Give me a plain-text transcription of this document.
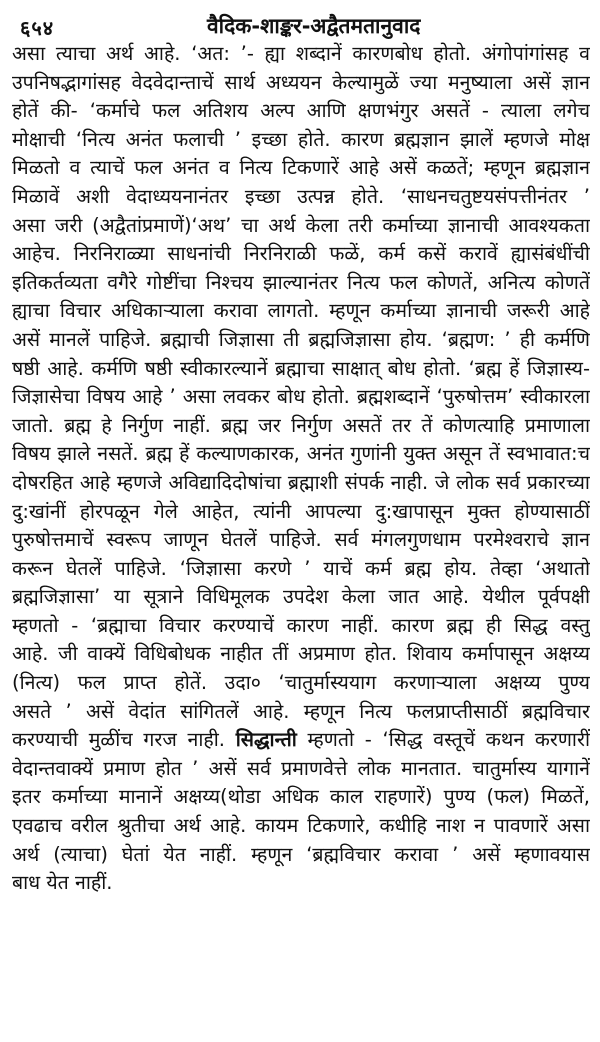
६५४	वैदिक-शाङ्कर-अद्वैतमतानुवाद
असा त्याचा अर्थ आहे. ‘अत: ’- ह्या शब्दानें कारणबोध होतो. अंगोपांगांसह व
उपनिषद्भागांसह वेदवेदान्ताचें सार्थ अध्ययन केल्यामुळें ज्या मनुष्याला असें ज्ञान
होतें की- ‘कर्माचे फल अतिशय अल्प आणि क्षणभंगुर असतें - त्याला लगेच
मोक्षाची ‘नित्य अनंत फलाची ’ इच्छा होते. कारण ब्रह्मज्ञान झालें म्हणजे मोक्ष
मिळतो व त्याचें फल अनंत व नित्य टिकणारें आहे असें कळतें; म्हणून ब्रह्मज्ञान
मिळावें अशी वेदाध्ययनानंतर इच्छा उत्पन्न होते. ‘साधनचतुष्टयसंपत्तीनंतर ’
असा जरी (अद्वैतांप्रमाणें)‘अथ’ चा अर्थ केला तरी कर्माच्या ज्ञानाची आवश्यकता
आहेच. निरनिराळ्या साधनांची निरनिराळी फळें, कर्म कसें करावें ह्यासंबंधींची
इतिकर्तव्यता वगैरे गोष्टींचा निश्चय झाल्यानंतर नित्य फल कोणतें, अनित्य कोणतें
ह्याचा विचार अधिकाऱ्याला करावा लागतो. म्हणून कर्माच्या ज्ञानाची जरूरी आहे
असें मानलें पाहिजे. ब्रह्माची जिज्ञासा ती ब्रह्मजिज्ञासा होय. ‘ब्रह्मण: ’ ही कर्मणि
षष्ठी आहे. कर्मणि षष्ठी स्वीकारल्यानें ब्रह्माचा साक्षात् बोध होतो. ‘ब्रह्म हें जिज्ञास्य-
जिज्ञासेचा विषय आहे ’ असा लवकर बोध होतो. ब्रह्मशब्दानें ‘पुरुषोत्तम’ स्वीकारला
जातो. ब्रह्म हे निर्गुण नाहीं. ब्रह्म जर निर्गुण असतें तर तें कोणत्याहि प्रमाणाला
विषय झाले नसतें. ब्रह्म हें कल्याणकारक, अनंत गुणांनी युक्त असून तें स्वभावात:च
दोषरहित आहे म्हणजे अविद्यादिदोषांचा ब्रह्माशी संपर्क नाही. जे लोक सर्व प्रकारच्या
दु:खांनीं होरपळून गेले आहेत, त्यांनी आपल्या दु:खापासून मुक्त होण्यासाठीं
पुरुषोत्तमाचें स्वरूप जाणून घेतलें पाहिजे. सर्व मंगलगुणधाम परमेश्वराचे ज्ञान
करून घेतलें पाहिजे. ‘जिज्ञासा करणे ’ याचें कर्म ब्रह्म होय. तेव्हा ‘अथातो
ब्रह्मजिज्ञासा’ या सूत्राने विधिमूलक उपदेश केला जात आहे. येथील पूर्वपक्षी
म्हणतो - ‘ब्रह्माचा विचार करण्याचें कारण नाहीं. कारण ब्रह्म ही सिद्ध वस्तु
आहे. जी वाक्यें विधिबोधक नाहीत तीं अप्रमाण होत. शिवाय कर्मापासून अक्षय्य
(नित्य) फल प्राप्त होतें. उदा० ‘चातुर्मास्ययाग करणाऱ्याला अक्षय्य पुण्य
असते ’ असें वेदांत सांगितलें आहे. म्हणून नित्य फलप्राप्तीसाठीं ब्रह्मविचार
करण्याची मुळींच गरज नाही. सिद्धान्ती म्हणतो - ‘सिद्ध वस्तूचें कथन करणारीं
वेदान्तवाक्यें प्रमाण होत ’ असें सर्व प्रमाणवेत्ते लोक मानतात. चातुर्मास्य यागानें
इतर कर्माच्या मानानें अक्षय्य(थोडा अधिक काल राहणारें) पुण्य (फल) मिळतें,
एवढाच वरील श्रुतीचा अर्थ आहे. कायम टिकणारे, कधीहि नाश न पावणारें असा
अर्थ (त्याचा) घेतां येत नाहीं. म्हणून ‘ब्रह्मविचार करावा ’ असें म्हणावयास
बाध येत नाहीं.
